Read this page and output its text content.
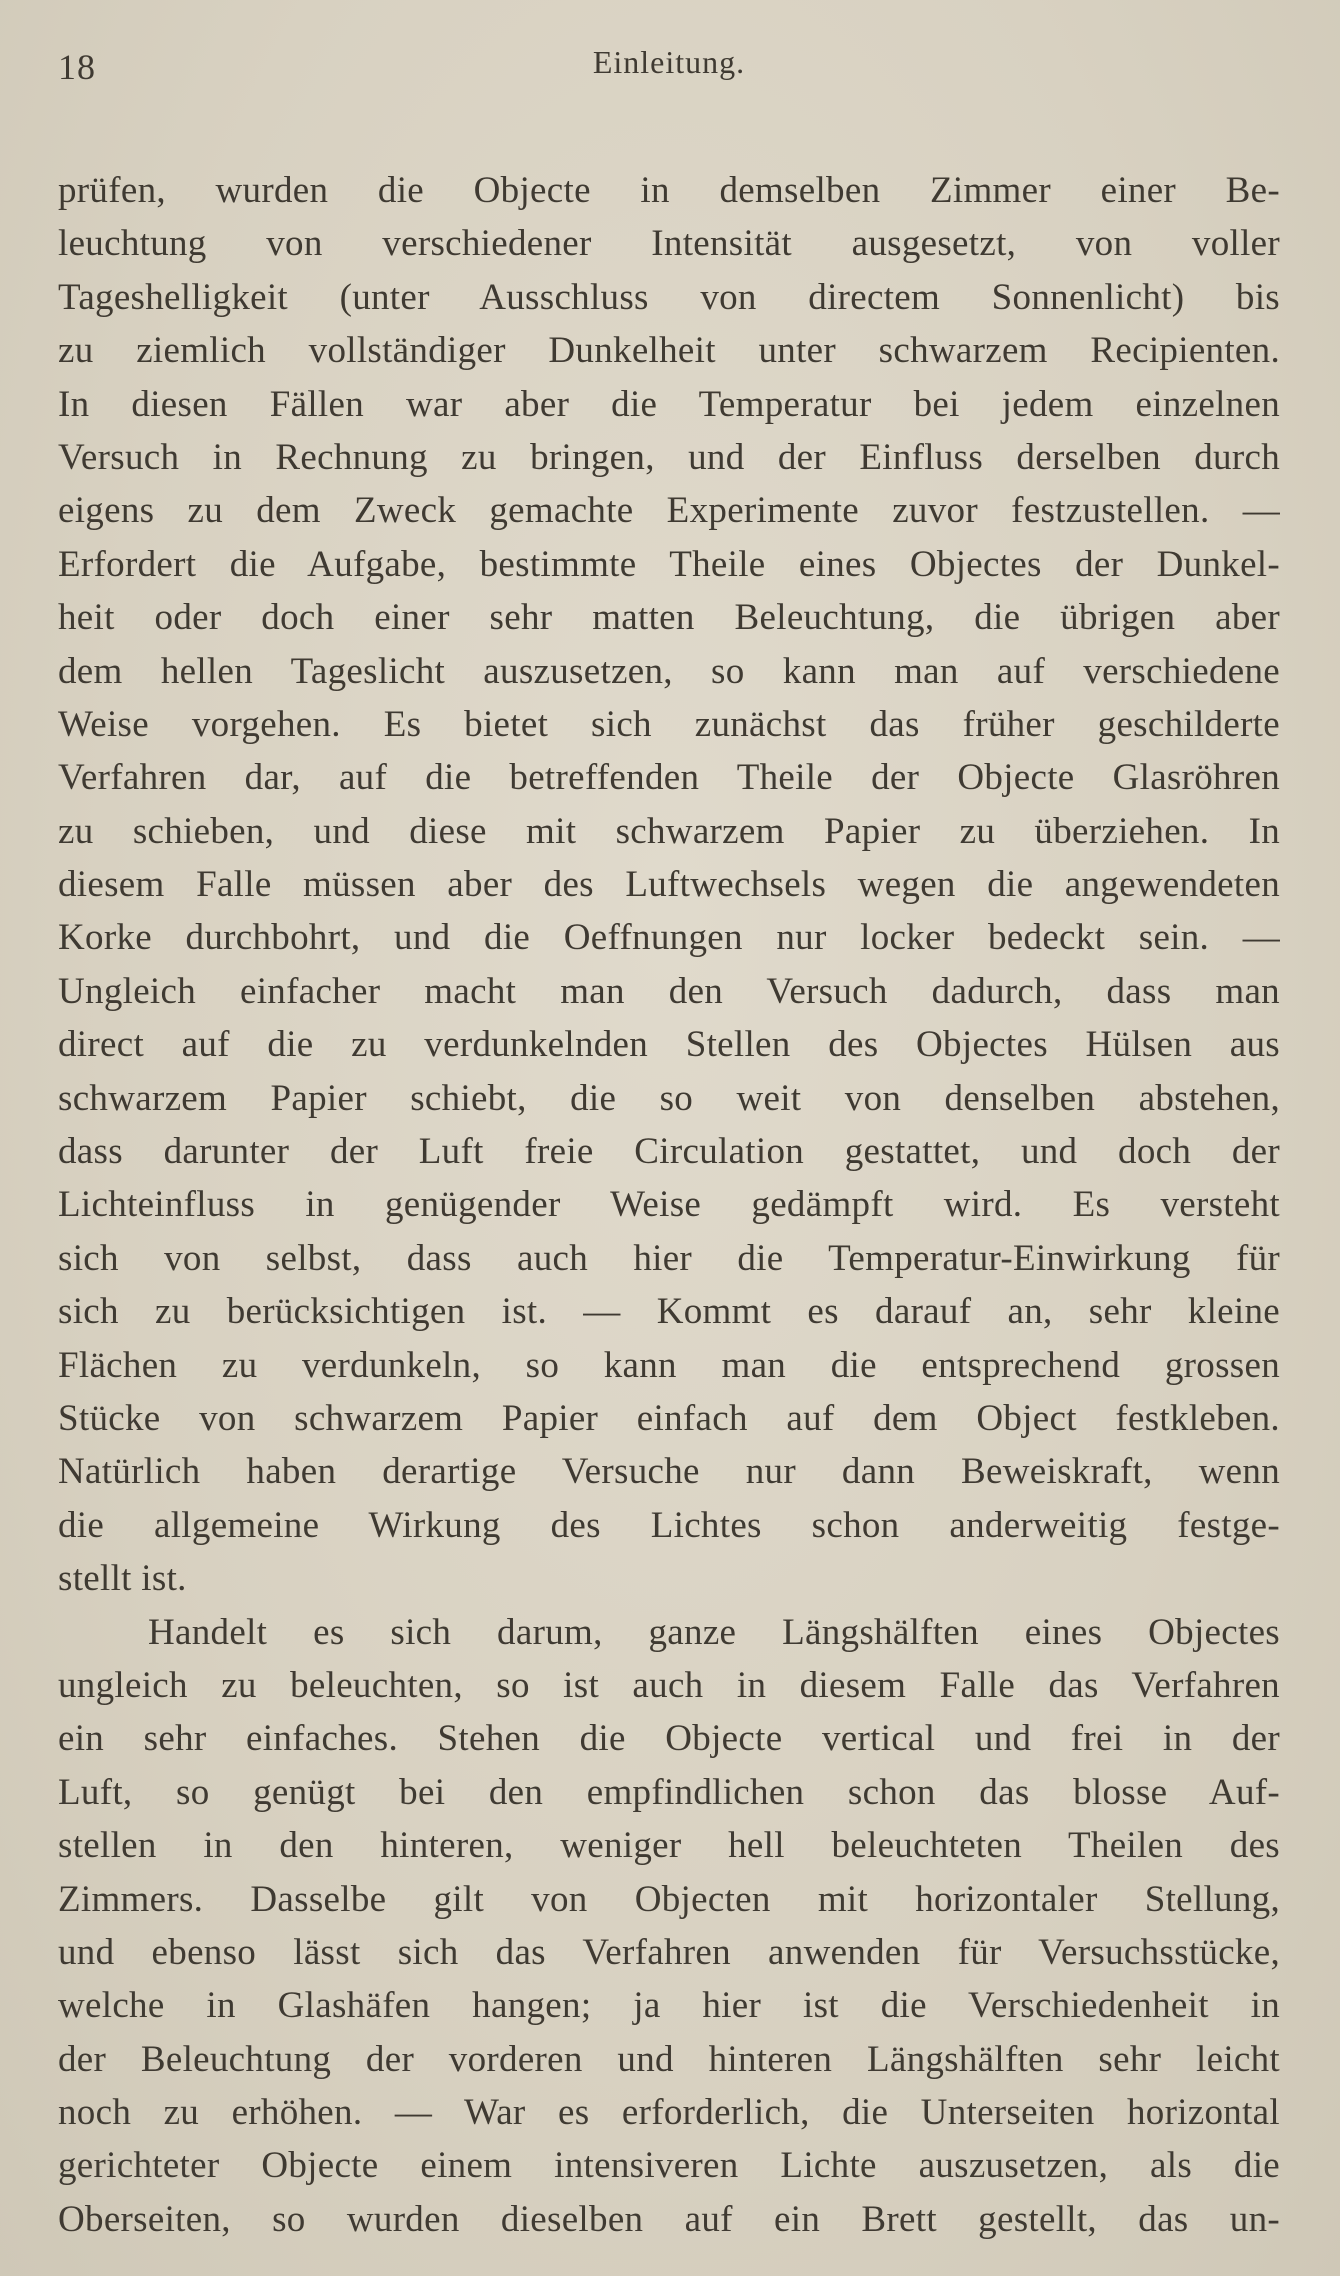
18	Einleitung.
prüfen, wurden die Objecte in demselben Zimmer einer Be-
leuchtung von verschiedener Intensität ausgesetzt, von voller
Tageshelligkeit (unter Ausschluss von directem Sonnenlicht) bis
zu ziemlich vollständiger Dunkelheit unter schwarzem Recipienten.
In diesen Fällen war aber die Temperatur bei jedem einzelnen
Versuch in Rechnung zu bringen, und der Einfluss derselben durch
eigens zu dem Zweck gemachte Experimente zuvor festzustellen. —
Erfordert die Aufgabe, bestimmte Theile eines Objectes der Dunkel-
heit oder doch einer sehr matten Beleuchtung, die übrigen aber
dem hellen Tageslicht auszusetzen, so kann man auf verschiedene
Weise vorgehen. Es bietet sich zunächst das früher geschilderte
Verfahren dar, auf die betreffenden Theile der Objecte Glasröhren
zu schieben, und diese mit schwarzem Papier zu überziehen. In
diesem Falle müssen aber des Luftwechsels wegen die angewendeten
Korke durchbohrt, und die Oeffnungen nur locker bedeckt sein. —
Ungleich einfacher macht man den Versuch dadurch, dass man
direct auf die zu verdunkelnden Stellen des Objectes Hülsen aus
schwarzem Papier schiebt, die so weit von denselben abstehen,
dass darunter der Luft freie Circulation gestattet, und doch der
Lichteinfluss in genügender Weise gedämpft wird. Es versteht
sich von selbst, dass auch hier die Temperatur-Einwirkung für
sich zu berücksichtigen ist. — Kommt es darauf an, sehr kleine
Flächen zu verdunkeln, so kann man die entsprechend grossen
Stücke von schwarzem Papier einfach auf dem Object festkleben.
Natürlich haben derartige Versuche nur dann Beweiskraft, wenn
die allgemeine Wirkung des Lichtes schon anderweitig festge-
stellt ist.
Handelt es sich darum, ganze Längshälften eines Objectes
ungleich zu beleuchten, so ist auch in diesem Falle das Verfahren
ein sehr einfaches. Stehen die Objecte vertical und frei in der
Luft, so genügt bei den empfindlichen schon das blosse Auf-
stellen in den hinteren, weniger hell beleuchteten Theilen des
Zimmers. Dasselbe gilt von Objecten mit horizontaler Stellung,
und ebenso lässt sich das Verfahren anwenden für Versuchsstücke,
welche in Glashäfen hangen; ja hier ist die Verschiedenheit in
der Beleuchtung der vorderen und hinteren Längshälften sehr leicht
noch zu erhöhen. — War es erforderlich, die Unterseiten horizontal
gerichteter Objecte einem intensiveren Lichte auszusetzen, als die
Oberseiten, so wurden dieselben auf ein Brett gestellt, das un-
